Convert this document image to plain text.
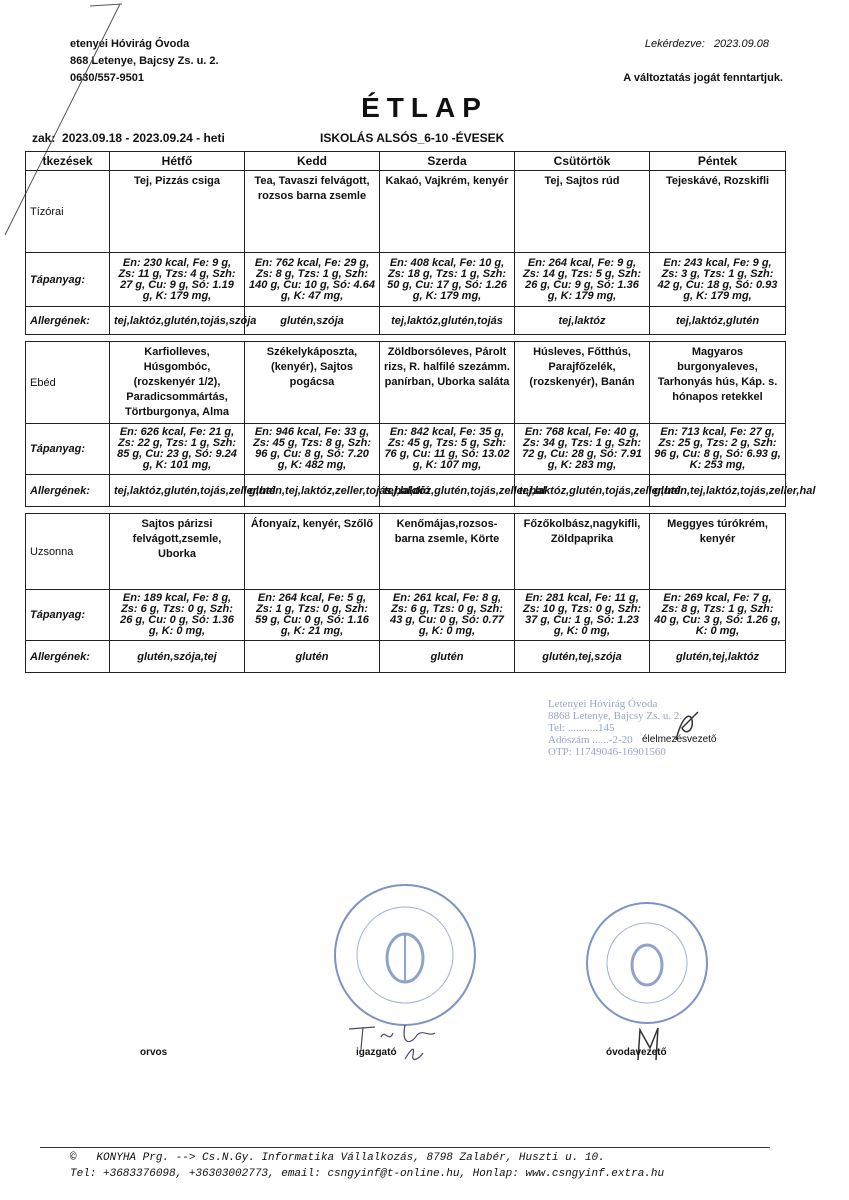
etenyei Hóvirág Óvoda
868 Letenye, Bajcsy Zs. u. 2.
0630/557-9501
Lekérdezve: 2023.09.08
A változtatás jogát fenntartjuk.
ÉTLAP
zak: 2023.09.18 - 2023.09.24 - heti	ISKOLÁS ALSÓS_6-10 -ÉVESEK
tkezések	Hétfő	Kedd	Szerda	Csütörtök	Péntek
Tízórai	Tej, Pizzás csiga	Tea, Tavaszi felvágott, rozsos barna zsemle	Kakaó, Vajkrém, kenyér	Tej, Sajtos rúd	Tejeskávé, Rozskifli
Tápanyag:	En: 230 kcal, Fe: 9 g, Zs: 11 g, Tzs: 4 g, Szh: 27 g, Cu: 9 g, Só: 1.19 g, K: 179 mg,	En: 762 kcal, Fe: 29 g, Zs: 8 g, Tzs: 1 g, Szh: 140 g, Cu: 10 g, Só: 4.64 g, K: 47 mg,	En: 408 kcal, Fe: 10 g, Zs: 18 g, Tzs: 1 g, Szh: 50 g, Cu: 17 g, Só: 1.26 g, K: 179 mg,	En: 264 kcal, Fe: 9 g, Zs: 14 g, Tzs: 5 g, Szh: 26 g, Cu: 9 g, Só: 1.36 g, K: 179 mg,	En: 243 kcal, Fe: 9 g, Zs: 3 g, Tzs: 1 g, Szh: 42 g, Cu: 18 g, Só: 0.93 g, K: 179 mg,
Allergének:	tej,laktóz,glutén,tojás,szója	glutén,szója	tej,laktóz,glutén,tojás	tej,laktóz	tej,laktóz,glutén

Ebéd	Karfiolleves, Húsgombóc, (rozskenyér 1/2), Paradicsommártás, Törtburgonya, Alma	Székelykáposzta, (kenyér), Sajtos pogácsa	Zöldborsóleves, Párolt rizs, R. halfilé szezámm. panírban, Uborka saláta	Húsleves, Főtthús, Parajfőzelék, (rozskenyér), Banán	Magyaros burgonyaleves, Tarhonyás hús, Káp. s. hónapos retekkel
Tápanyag:	En: 626 kcal, Fe: 21 g, Zs: 22 g, Tzs: 1 g, Szh: 85 g, Cu: 23 g, Só: 9.24 g, K: 101 mg,	En: 946 kcal, Fe: 33 g, Zs: 45 g, Tzs: 8 g, Szh: 96 g, Cu: 8 g, Só: 7.20 g, K: 482 mg,	En: 842 kcal, Fe: 35 g, Zs: 45 g, Tzs: 5 g, Szh: 76 g, Cu: 11 g, Só: 13.02 g, K: 107 mg,	En: 768 kcal, Fe: 40 g, Zs: 34 g, Tzs: 1 g, Szh: 72 g, Cu: 28 g, Só: 7.91 g, K: 283 mg,	En: 713 kcal, Fe: 27 g, Zs: 25 g, Tzs: 2 g, Szh: 96 g, Cu: 8 g, Só: 6.93 g, K: 253 mg,
Allergének:	tej,laktóz,glutén,tojás,zeller,hal	glutén,tej,laktóz,zeller,tojás,hal,dió	tej,laktóz,glutén,tojás,zeller,hal	tej,laktóz,glutén,tojás,zeller,hal	glutén,tej,laktóz,tojás,zeller,hal

Uzsonna	Sajtos párizsi felvágott,zsemle, Uborka	Áfonyaíz, kenyér, Szőlő	Kenőmájas,rozsos-barna zsemle, Körte	Főzőkolbász,nagykifli, Zöldpaprika	Meggyes túrókrém, kenyér
Tápanyag:	En: 189 kcal, Fe: 8 g, Zs: 6 g, Tzs: 0 g, Szh: 26 g, Cu: 0 g, Só: 1.36 g, K: 0 mg,	En: 264 kcal, Fe: 5 g, Zs: 1 g, Tzs: 0 g, Szh: 59 g, Cu: 0 g, Só: 1.16 g, K: 21 mg,	En: 261 kcal, Fe: 8 g, Zs: 6 g, Tzs: 0 g, Szh: 43 g, Cu: 0 g, Só: 0.77 g, K: 0 mg,	En: 281 kcal, Fe: 11 g, Zs: 10 g, Tzs: 0 g, Szh: 37 g, Cu: 1 g, Só: 1.23 g, K: 0 mg,	En: 269 kcal, Fe: 7 g, Zs: 8 g, Tzs: 1 g, Szh: 40 g, Cu: 3 g, Só: 1.26 g, K: 0 mg,
Allergének:	glutén,szója,tej	glutén	glutén	glutén,tej,szója	glutén,tej,laktóz
Letenyei Hóvirág Óvoda
8868 Letenye, Bajcsy Zs. u. 2.
Tel: ...........145
Adószám ......-2-20
OTP: 11749046-16901560
élelmezésvezető
orvos	igazgató	óvodavezető
© KONYHA Prg. --> Cs.N.Gy. Informatika Vállalkozás, 8798 Zalabér, Huszti u. 10.
Tel: +3683376098, +36303002773, email: csngyinf@t-online.hu, Honlap: www.csngyinf.extra.hu
